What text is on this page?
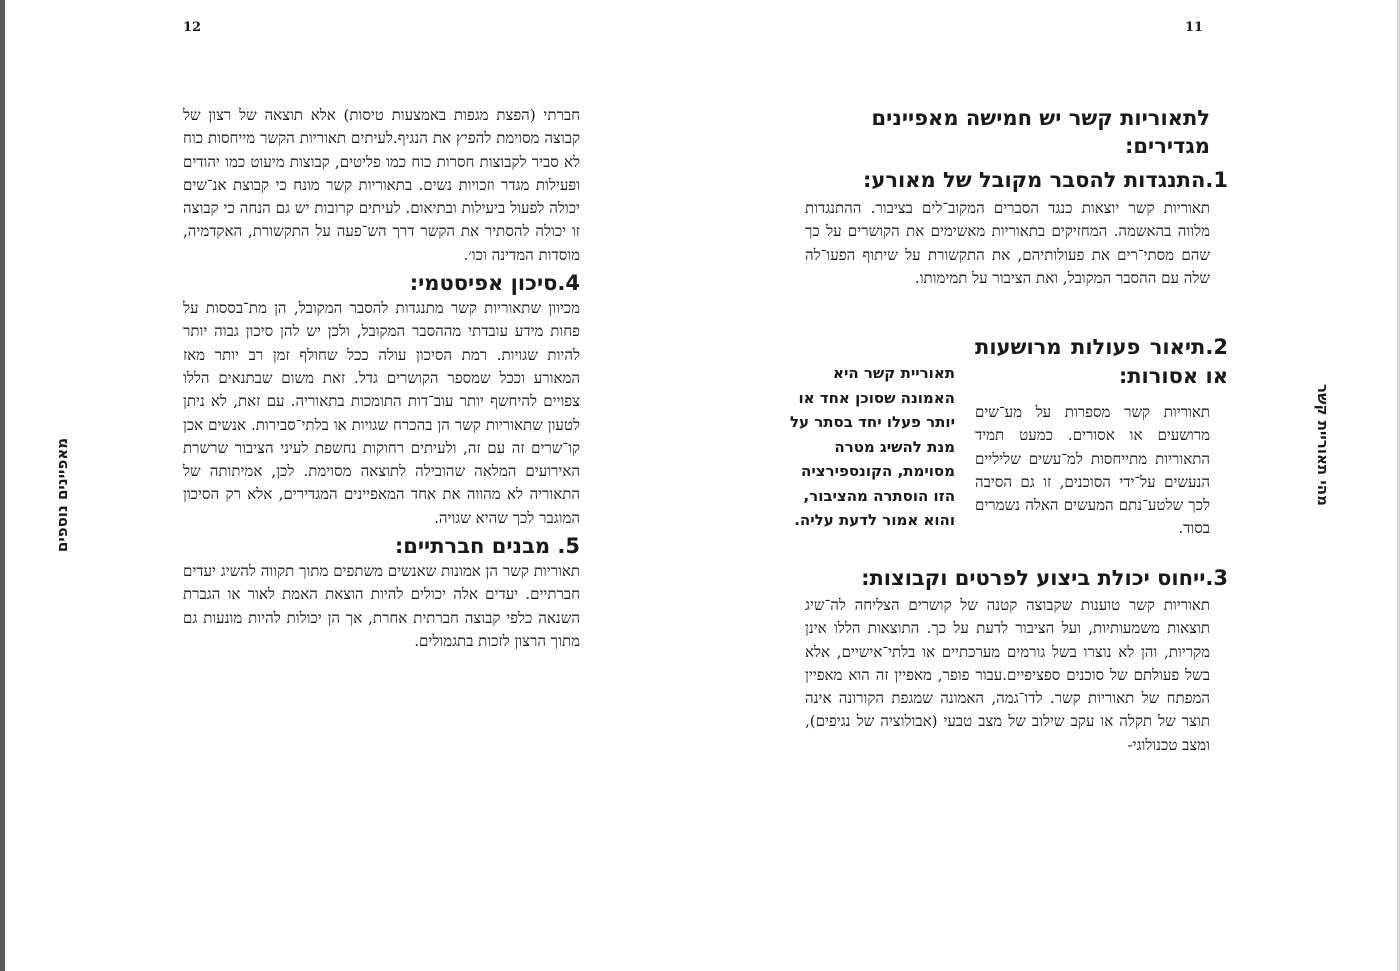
12
מאפיינים נוספים

חברתי (הפצת מגפות באמצעות טיסות) אלא תוצאה של רצון של קבוצה מסוימת להפיץ את הנגיף.לעיתים תאוריות הקשר מייחסות כוח לא סביר לקבוצות חסרות כוח כמו פליטים, קבוצות מיעוט כמו יהודים ופעילות מגדר וזכויות נשים. בתאוריות קשר מונח כי קבוצת אנ־שים יכולה לפעול ביעילות ובתיאום. לעיתים קרובות יש גם הנחה כי קבוצה זו יכולה להסתיר את הקשר דרך הש־פעה על התקשורת, האקדמיה, מוסדות המדינה וכו׳.

4.סיכון אפיסטמי:

מכיוון שתאוריות קשר מתנגדות להסבר המקובל, הן מת־בססות על פחות מידע עובדתי מההסבר המקובל, ולכן יש להן סיכון גבוה יותר להיות שגויות. רמת הסיכון עולה ככל שחולף זמן רב יותר מאז המאורע וככל שמספר הקושרים גדל. זאת משום שבתנאים הללו צפויים להיחשף יותר עוב־דות התומכות בתאוריה. עם זאת, לא ניתן לטעון שתאוריות קשר הן בהכרח שגויות או בלתי־סבירות. אנשים אכן קו־שרים זה עם זה, ולעיתים רחוקות נחשפת לעיני הציבור שרשרת האירועים המלאה שהובילה לתוצאה מסוימת. לכן, אמיתותה של התאוריה לא מהווה את אחד המאפיינים המגדירים, אלא רק הסיכון המוגבר לכך שהיא שגויה.

5. מבנים חברתיים:

תאוריות קשר הן אמונות שאנשים משתפים מתוך תקווה להשיג יעדים חברתיים. יעדים אלה יכולים להיות הוצאת האמת לאור או הגברת השנאה כלפי קבוצה חברתית אחרת, אך הן יכולות להיות מונעות גם מתוך הרצון לזכות בתגמולים.

11
מהי תאוריית קשר
לתאוריות קשר יש חמישה מאפיינים מגדירים:
1.התנגדות להסבר מקובל של מאורע:

תאוריות קשר יוצאות כנגד הסברים המקוב־לים בציבור. ההתנגדות מלווה בהאשמה. המחזיקים בתאוריות מאשימים את הקושרים על כך שהם מסתי־רים את פעולותיהם, את התקשורת על שיתוף הפעו־לה שלה עם ההסבר המקובל, ואת הציבור על תמימותו.

2.תיאור פעולות מרושעות או אסורות:

תאוריות קשר מספרות על מע־שים מרושעים או אסורים. כמעט תמיד התאוריות מתייחסות למ־עשים שליליים הנעשים על־ידי הסוכנים, זו גם הסיבה לכך שלטע־נתם המעשים האלה נשמרים בסוד.

תאוריית קשר היא האמונה שסוכן אחד או יותר פעלו יחד בסתר על מנת להשיג מטרה מסוימת, הקונספירציה הזו הוסתרה מהציבור, והוא אמור לדעת עליה.
3.ייחוס יכולת ביצוע לפרטים וקבוצות:

תאוריות קשר טוענות שקבוצה קטנה של קושרים הצליחה לה־שיג תוצאות משמעותיות, ועל הציבור לדעת על כך. התוצאות הללו אינן מקריות, והן לא נוצרו בשל גורמים מערכתיים או בלתי־אישיים, אלא בשל פעולתם של סוכנים ספציפיים.עבור פופר, מאפיין זה הוא מאפיין המפתח של תאוריות קשר. לדו־גמה, האמונה שמגפת הקורונה אינה תוצר של תקלה או עקב שילוב של מצב טבעי (אבולוציה של נגיפים), ומצב טכנולוגי-
